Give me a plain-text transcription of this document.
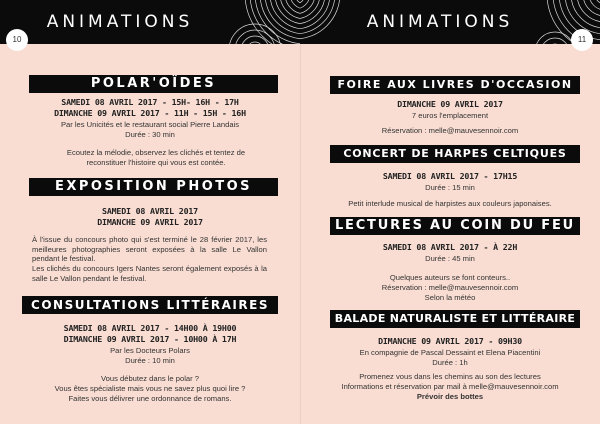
ANIMATIONS
10
POLAR'OÏDES
SAMEDI 08 AVRIL 2017 - 15H- 16H - 17H
DIMANCHE 09 AVRIL 2017 - 11H - 15H - 16H
Par les Unicités et le restaurant social Pierre Landais
Durée : 30 min
Ecoutez la mélodie, observez les clichés et tentez de reconstituer l'histoire qui vous est contée.
EXPOSITION PHOTOS
SAMEDI 08 AVRIL 2017
DIMANCHE 09 AVRIL 2017
À l'issue du concours photo qui s'est terminé le 28 février 2017, les meilleures photographies seront exposées à la salle Le Vallon pendant le festival.
Les clichés du concours Igers Nantes seront également exposés à la salle Le Vallon pendant le festival.
CONSULTATIONS LITTÉRAIRES
SAMEDI 08 AVRIL 2017 - 14H00 À 19H00
DIMANCHE 09 AVRIL 2017 - 10H00 À 17H
Par les Docteurs Polars
Durée : 10 min
Vous débutez dans le polar ?
Vous êtes spécialiste mais vous ne savez plus quoi lire ?
Faites vous délivrer une ordonnance de romans.
ANIMATIONS
11
FOIRE AUX LIVRES D'OCCASION
DIMANCHE 09 AVRIL 2017
7 euros l'emplacement
Réservation : melle@mauvesennoir.com
CONCERT DE HARPES CELTIQUES
SAMEDI 08 AVRIL 2017 - 17H15
Durée : 15 min
Petit interlude musical de harpistes aux couleurs japonaises.
LECTURES AU COIN DU FEU
SAMEDI 08 AVRIL 2017 - À 22H
Durée : 45 min
Quelques auteurs se font conteurs..
Réservation : melle@mauvesennoir.com
Selon la météo
BALADE NATURALISTE ET LITTÉRAIRE
DIMANCHE 09 AVRIL 2017 - 09H30
En compagnie de Pascal Dessaint et Elena Piacentini
Durée : 1h
Promenez vous dans les chemins au son des lectures
Informations et réservation par mail à melle@mauvesennoir.com
Prévoir des bottes
